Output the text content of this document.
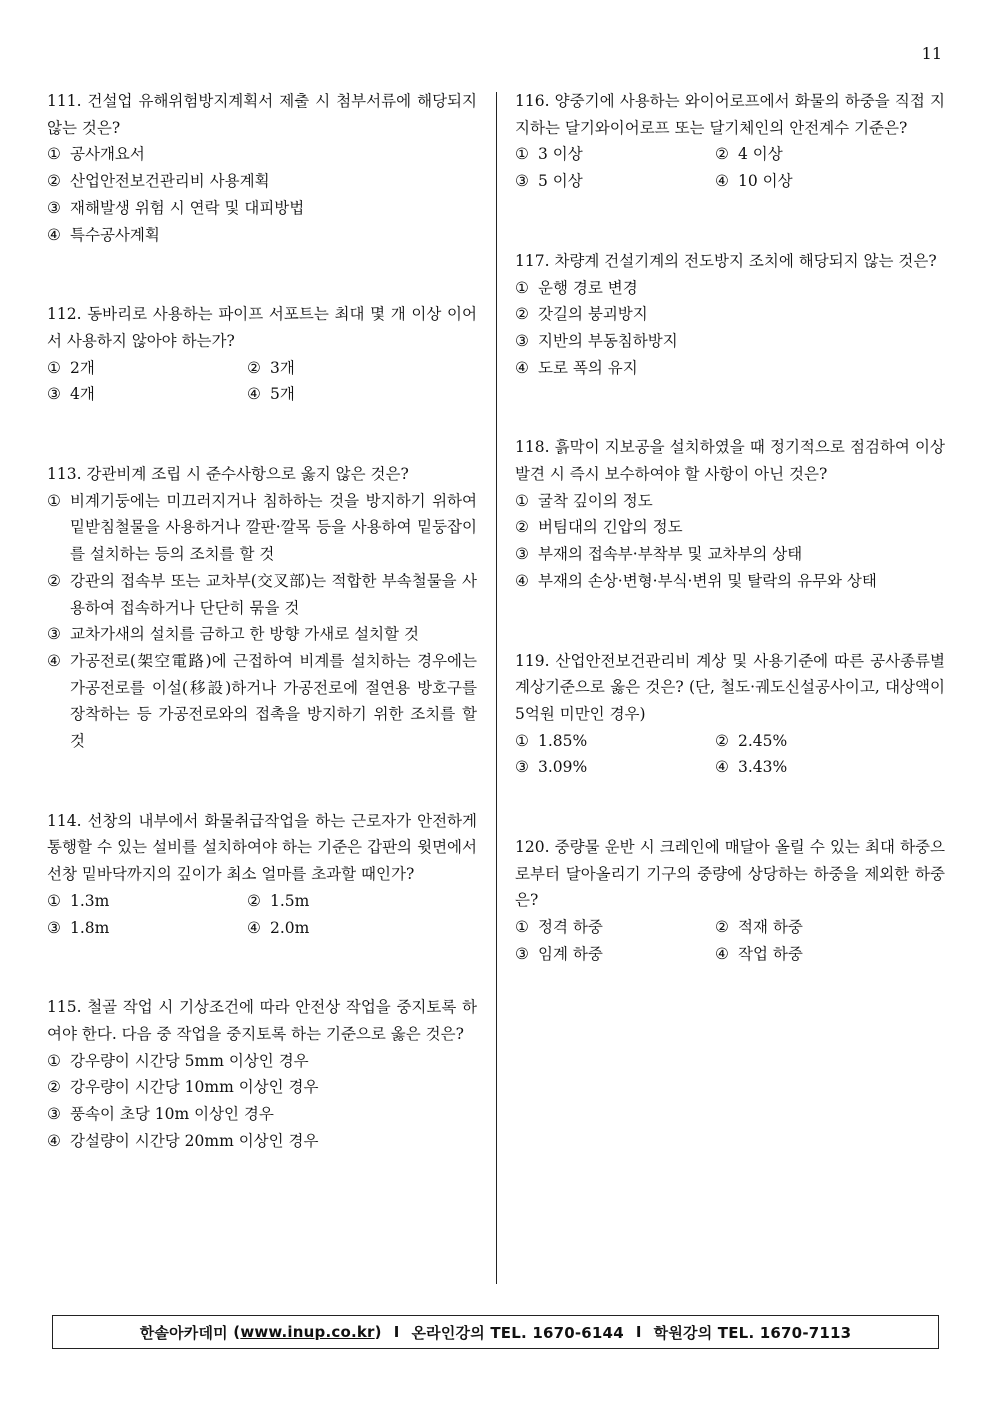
11
111. 건설업 유해위험방지계획서 제출 시 첨부서류에 해당되지 않는 것은?
① 공사개요서
② 산업안전보건관리비 사용계획
③ 재해발생 위험 시 연락 및 대피방법
④ 특수공사계획
112. 동바리로 사용하는 파이프 서포트는 최대 몇 개 이상 이어서 사용하지 않아야 하는가?
① 2개	② 3개
③ 4개	④ 5개
113. 강관비계 조립 시 준수사항으로 옳지 않은 것은?
① 비계기둥에는 미끄러지거나 침하하는 것을 방지하기 위하여 밑받침철물을 사용하거나 깔판·깔목 등을 사용하여 밑둥잡이를 설치하는 등의 조치를 할 것
② 강관의 접속부 또는 교차부(交叉部)는 적합한 부속철물을 사용하여 접속하거나 단단히 묶을 것
③ 교차가새의 설치를 금하고 한 방향 가새로 설치할 것
④ 가공전로(架空電路)에 근접하여 비계를 설치하는 경우에는 가공전로를 이설(移設)하거나 가공전로에 절연용 방호구를 장착하는 등 가공전로와의 접촉을 방지하기 위한 조치를 할 것
114. 선창의 내부에서 화물취급작업을 하는 근로자가 안전하게 통행할 수 있는 설비를 설치하여야 하는 기준은 갑판의 윗면에서 선창 밑바닥까지의 깊이가 최소 얼마를 초과할 때인가?
① 1.3m	② 1.5m
③ 1.8m	④ 2.0m
115. 철골 작업 시 기상조건에 따라 안전상 작업을 중지토록 하여야 한다. 다음 중 작업을 중지토록 하는 기준으로 옳은 것은?
① 강우량이 시간당 5mm 이상인 경우
② 강우량이 시간당 10mm 이상인 경우
③ 풍속이 초당 10m 이상인 경우
④ 강설량이 시간당 20mm 이상인 경우
116. 양중기에 사용하는 와이어로프에서 화물의 하중을 직접 지지하는 달기와이어로프 또는 달기체인의 안전계수 기준은?
① 3 이상	② 4 이상
③ 5 이상	④ 10 이상
117. 차량계 건설기계의 전도방지 조치에 해당되지 않는 것은?
① 운행 경로 변경
② 갓길의 붕괴방지
③ 지반의 부동침하방지
④ 도로 폭의 유지
118. 흙막이 지보공을 설치하였을 때 정기적으로 점검하여 이상 발견 시 즉시 보수하여야 할 사항이 아닌 것은?
① 굴착 깊이의 정도
② 버팀대의 긴압의 정도
③ 부재의 접속부·부착부 및 교차부의 상태
④ 부재의 손상·변형·부식·변위 및 탈락의 유무와 상태
119. 산업안전보건관리비 계상 및 사용기준에 따른 공사종류별 계상기준으로 옳은 것은? (단, 철도·궤도신설공사이고, 대상액이 5억원 미만인 경우)
① 1.85%	② 2.45%
③ 3.09%	④ 3.43%
120. 중량물 운반 시 크레인에 매달아 올릴 수 있는 최대 하중으로부터 달아올리기 기구의 중량에 상당하는 하중을 제외한 하중은?
① 정격 하중	② 적재 하중
③ 임계 하중	④ 작업 하중
한솔아카데미 ( www.inup.co.kr ) I 온라인강의 TEL. 1670-6144 I 학원강의 TEL. 1670-7113
